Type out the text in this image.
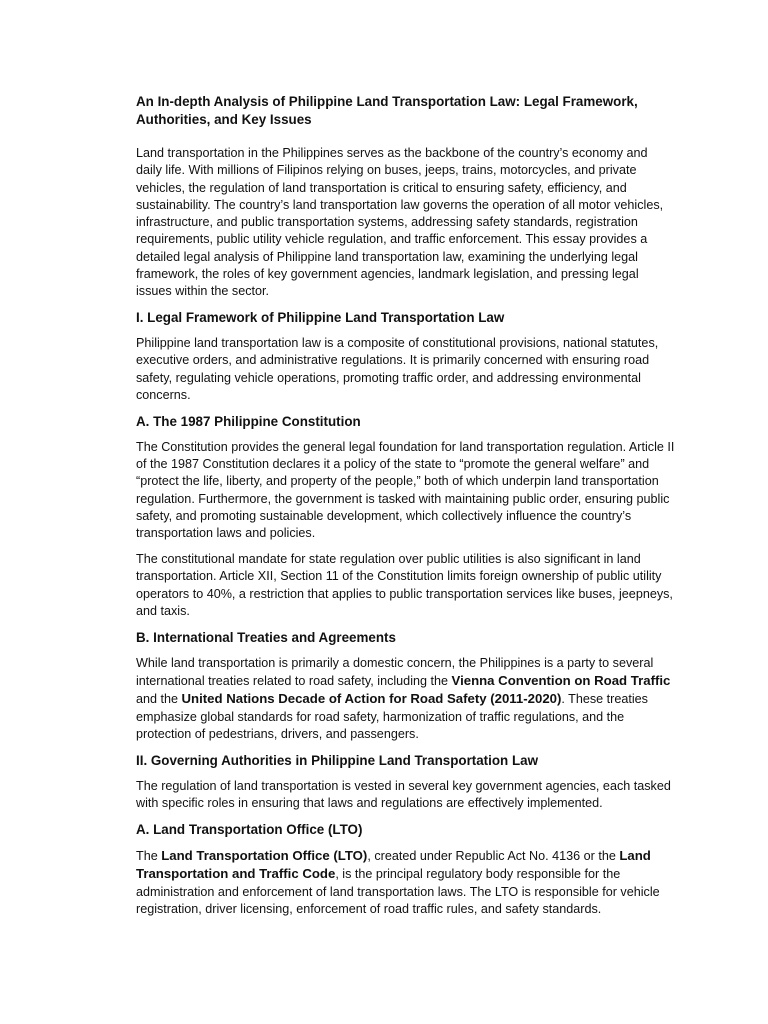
An In-depth Analysis of Philippine Land Transportation Law: Legal Framework, Authorities, and Key Issues

Land transportation in the Philippines serves as the backbone of the country’s economy and daily life. With millions of Filipinos relying on buses, jeeps, trains, motorcycles, and private vehicles, the regulation of land transportation is critical to ensuring safety, efficiency, and sustainability. The country’s land transportation law governs the operation of all motor vehicles, infrastructure, and public transportation systems, addressing safety standards, registration requirements, public utility vehicle regulation, and traffic enforcement. This essay provides a detailed legal analysis of Philippine land transportation law, examining the underlying legal framework, the roles of key government agencies, landmark legislation, and pressing legal issues within the sector.

I. Legal Framework of Philippine Land Transportation Law

Philippine land transportation law is a composite of constitutional provisions, national statutes, executive orders, and administrative regulations. It is primarily concerned with ensuring road safety, regulating vehicle operations, promoting traffic order, and addressing environmental concerns.

A. The 1987 Philippine Constitution

The Constitution provides the general legal foundation for land transportation regulation. Article II of the 1987 Constitution declares it a policy of the state to “promote the general welfare” and “protect the life, liberty, and property of the people,” both of which underpin land transportation regulation. Furthermore, the government is tasked with maintaining public order, ensuring public safety, and promoting sustainable development, which collectively influence the country’s transportation laws and policies.

The constitutional mandate for state regulation over public utilities is also significant in land transportation. Article XII, Section 11 of the Constitution limits foreign ownership of public utility operators to 40%, a restriction that applies to public transportation services like buses, jeepneys, and taxis.

B. International Treaties and Agreements

While land transportation is primarily a domestic concern, the Philippines is a party to several international treaties related to road safety, including the Vienna Convention on Road Traffic and the United Nations Decade of Action for Road Safety (2011-2020). These treaties emphasize global standards for road safety, harmonization of traffic regulations, and the protection of pedestrians, drivers, and passengers.

II. Governing Authorities in Philippine Land Transportation Law

The regulation of land transportation is vested in several key government agencies, each tasked with specific roles in ensuring that laws and regulations are effectively implemented.

A. Land Transportation Office (LTO)

The Land Transportation Office (LTO), created under Republic Act No. 4136 or the Land Transportation and Traffic Code, is the principal regulatory body responsible for the administration and enforcement of land transportation laws. The LTO is responsible for vehicle registration, driver licensing, enforcement of road traffic rules, and safety standards.
